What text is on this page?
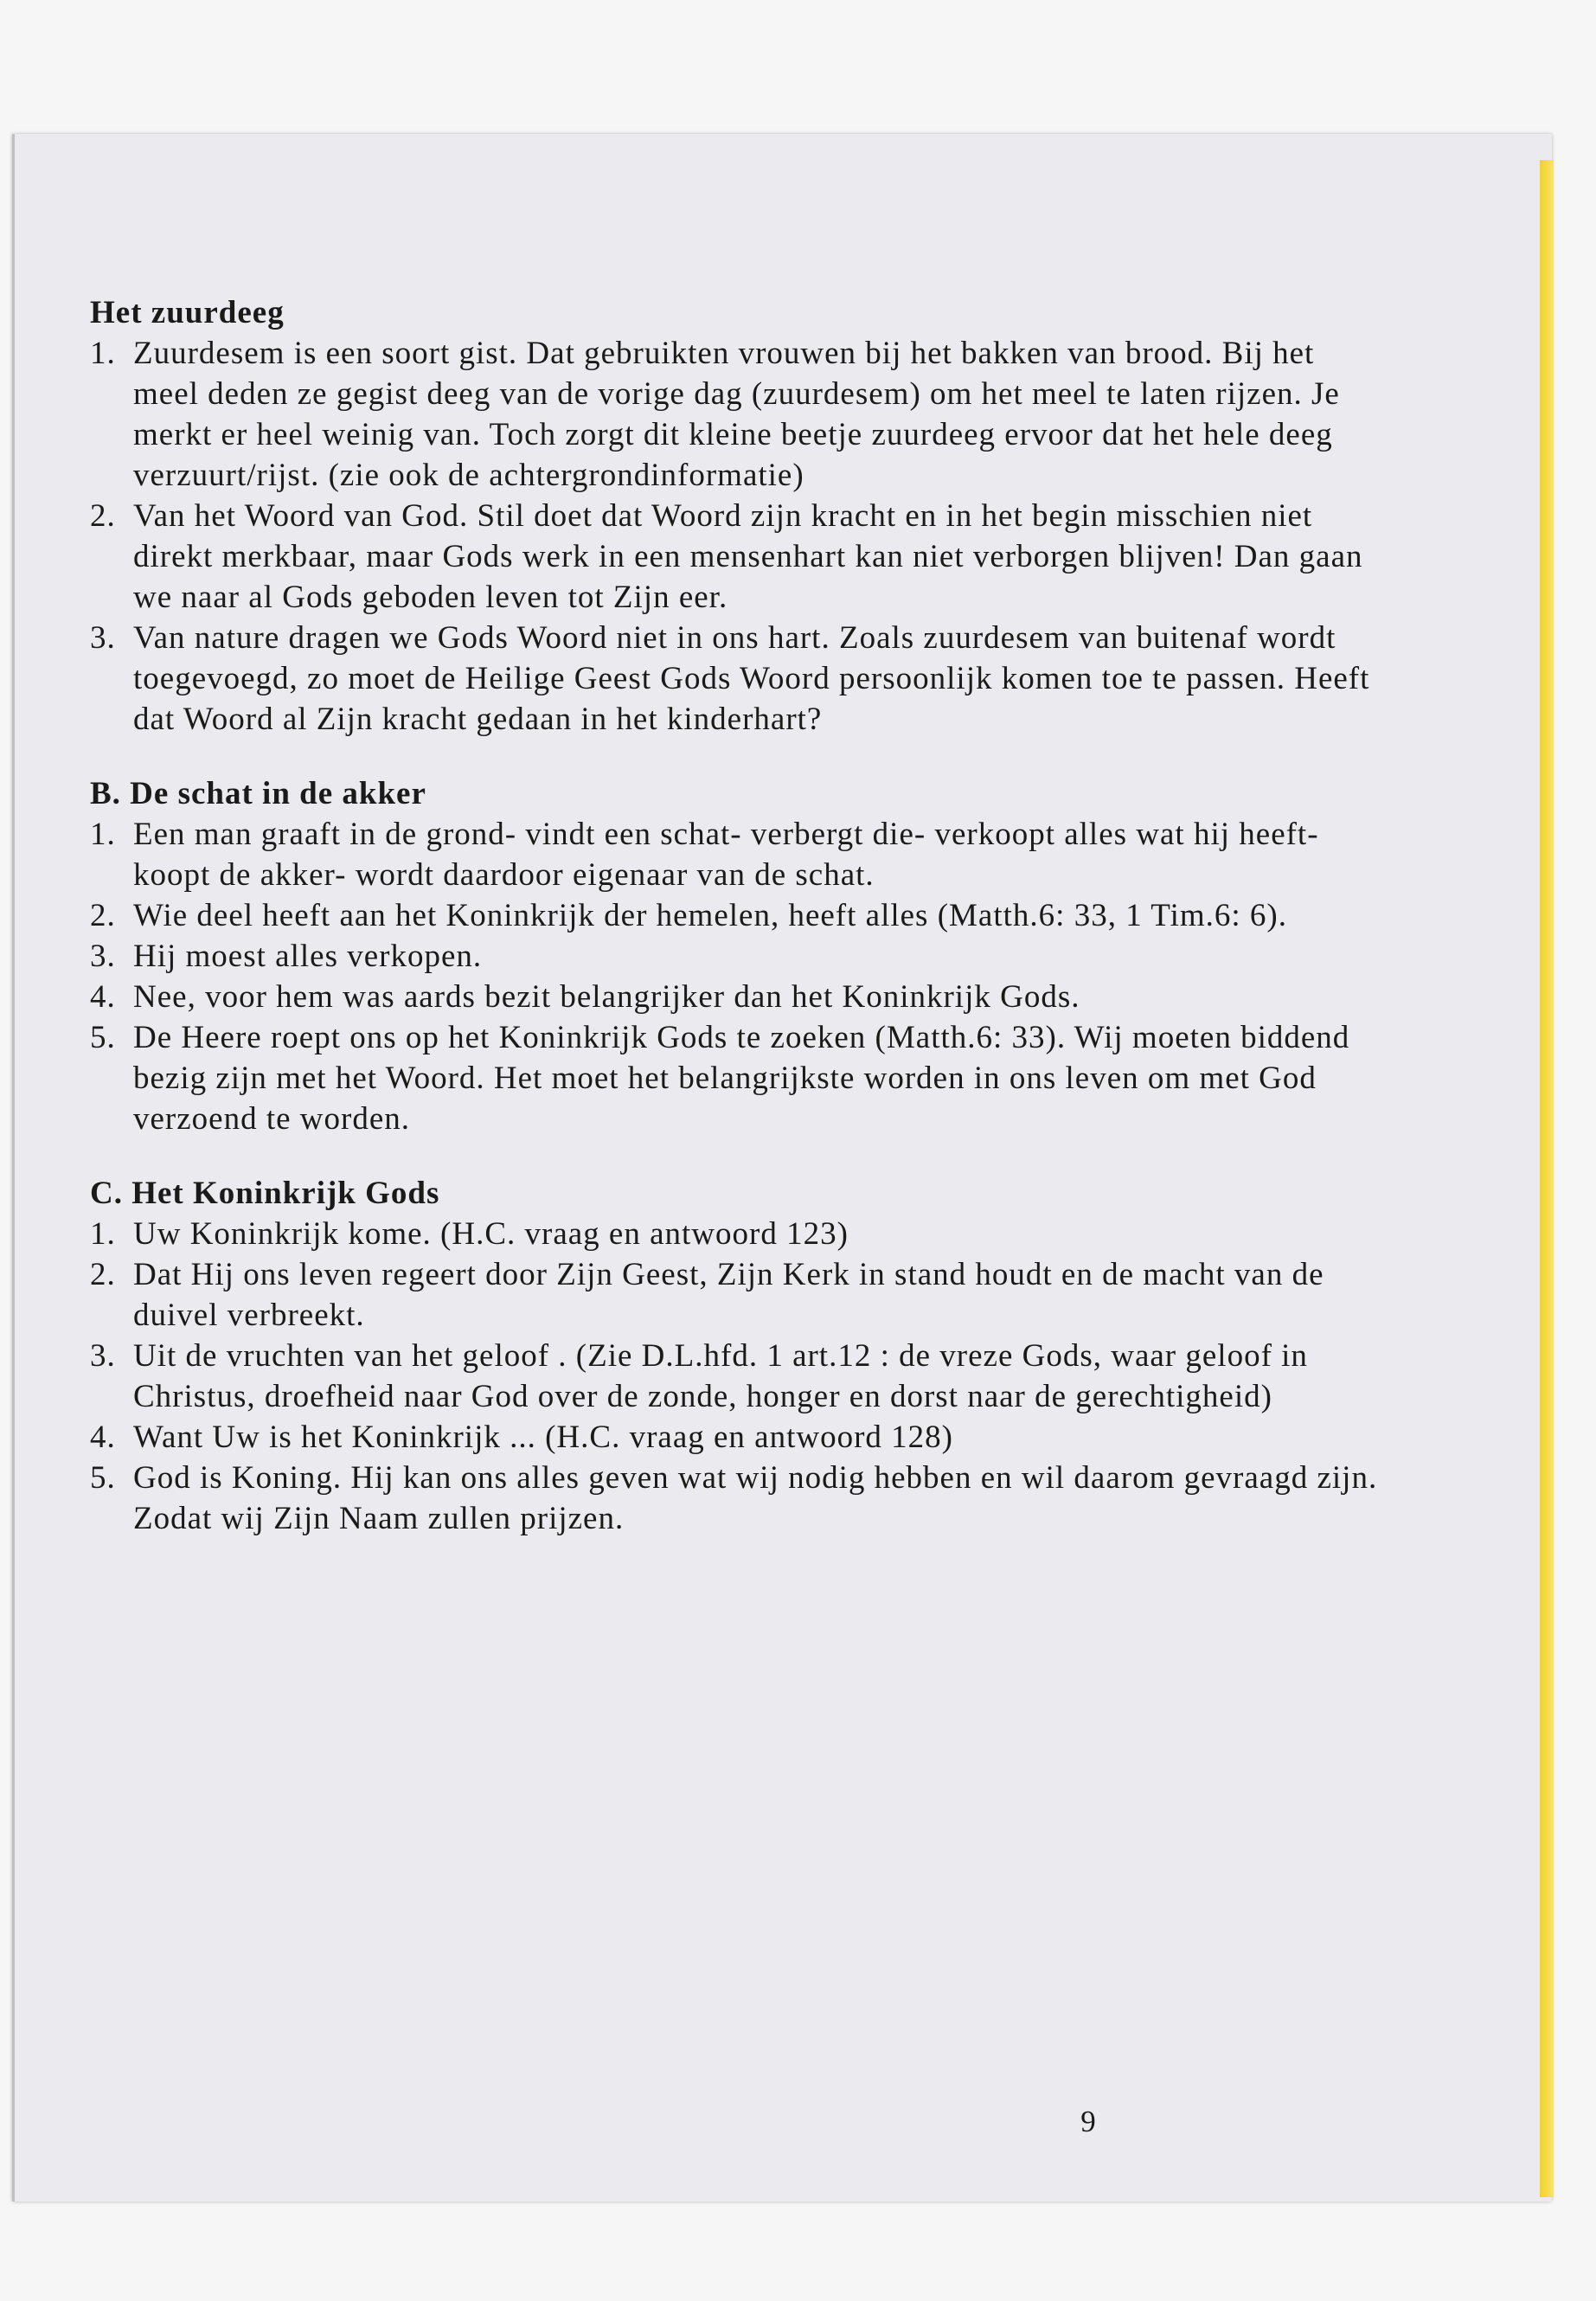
Het zuurdeeg

1. Zuurdesem is een soort gist. Dat gebruikten vrouwen bij het bakken van brood. Bij het meel deden ze gegist deeg van de vorige dag (zuurdesem) om het meel te laten rijzen. Je merkt er heel weinig van. Toch zorgt dit kleine beetje zuurdeeg ervoor dat het hele deeg verzuurt/rijst. (zie ook de achtergrondinformatie)
2. Van het Woord van God. Stil doet dat Woord zijn kracht en in het begin misschien niet direkt merkbaar, maar Gods werk in een mensenhart kan niet verborgen blijven! Dan gaan we naar al Gods geboden leven tot Zijn eer.
3. Van nature dragen we Gods Woord niet in ons hart. Zoals zuurdesem van buitenaf wordt toegevoegd, zo moet de Heilige Geest Gods Woord persoonlijk komen toe te passen. Heeft dat Woord al Zijn kracht gedaan in het kinderhart?

B. De schat in de akker

1. Een man graaft in de grond- vindt een schat- verbergt die- verkoopt alles wat hij heeft- koopt de akker- wordt daardoor eigenaar van de schat.
2. Wie deel heeft aan het Koninkrijk der hemelen, heeft alles (Matth.6: 33, 1 Tim.6: 6).
3. Hij moest alles verkopen.
4. Nee, voor hem was aards bezit belangrijker dan het Koninkrijk Gods.
5. De Heere roept ons op het Koninkrijk Gods te zoeken (Matth.6: 33). Wij moeten biddend bezig zijn met het Woord. Het moet het belangrijkste worden in ons leven om met God verzoend te worden.

C. Het Koninkrijk Gods

1. Uw Koninkrijk kome. (H.C. vraag en antwoord 123)
2. Dat Hij ons leven regeert door Zijn Geest, Zijn Kerk in stand houdt en de macht van de duivel verbreekt.
3. Uit de vruchten van het geloof . (Zie D.L.hfd. 1 art.12 : de vreze Gods, waar geloof in Christus, droefheid naar God over de zonde, honger en dorst naar de gerechtigheid)
4. Want Uw is het Koninkrijk ... (H.C. vraag en antwoord 128)
5. God is Koning. Hij kan ons alles geven wat wij nodig hebben en wil daarom gevraagd zijn. Zodat wij Zijn Naam zullen prijzen.
9
